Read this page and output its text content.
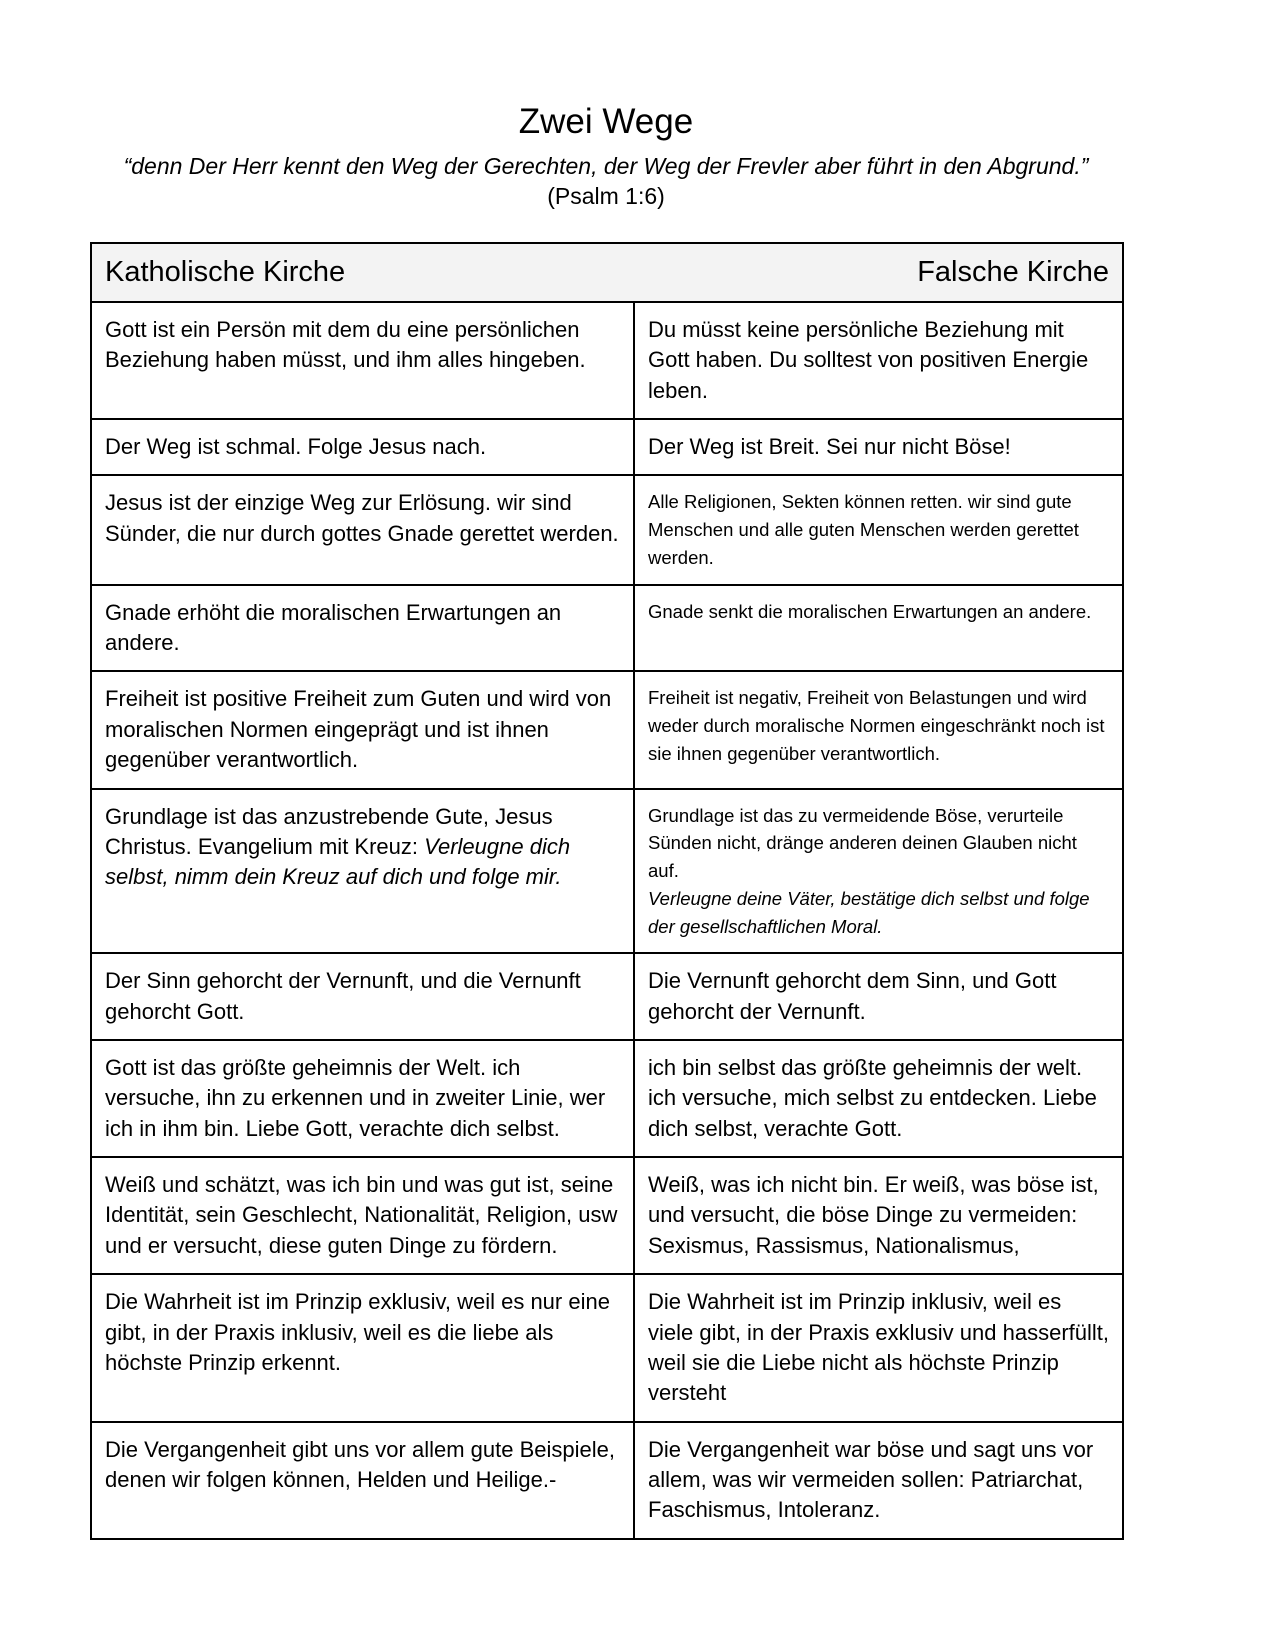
Zwei Wege

“denn Der Herr kennt den Weg der Gerechten, der Weg der Frevler aber führt in den Abgrund.”

(Psalm 1:6)

Katholische Kirche Falsche Kirche	

Gott ist ein Persön mit dem du eine persönlichen Beziehung haben müsst, und ihm alles hingeben.	Du müsst keine persönliche Beziehung mit Gott haben. Du solltest von positiven Energie leben.
Der Weg ist schmal. Folge Jesus nach.	Der Weg ist Breit. Sei nur nicht Böse!
Jesus ist der einzige Weg zur Erlösung. wir sind Sünder, die nur durch gottes Gnade gerettet werden.	Alle Religionen, Sekten können retten. wir sind gute Menschen und alle guten Menschen werden gerettet werden.
Gnade erhöht die moralischen Erwartungen an andere.	Gnade senkt die moralischen Erwartungen an andere.
Freiheit ist positive Freiheit zum Guten und wird von moralischen Normen eingeprägt und ist ihnen gegenüber verantwortlich.	Freiheit ist negativ, Freiheit von Belastungen und wird weder durch moralische Normen eingeschränkt noch ist sie ihnen gegenüber verantwortlich.
Grundlage ist das anzustrebende Gute, Jesus Christus. Evangelium mit Kreuz: Verleugne dich selbst, nimm dein Kreuz auf dich und folge mir.	Grundlage ist das zu vermeidende Böse, verurteile Sünden nicht, dränge anderen deinen Glauben nicht auf.
Verleugne deine Väter, bestätige dich selbst und folge der gesellschaftlichen Moral.

Der Sinn gehorcht der Vernunft, und die Vernunft gehorcht Gott.	Die Vernunft gehorcht dem Sinn, und Gott gehorcht der Vernunft.
Gott ist das größte geheimnis der Welt. ich versuche, ihn zu erkennen und in zweiter Linie, wer ich in ihm bin. Liebe Gott, verachte dich selbst.	ich bin selbst das größte geheimnis der welt. ich versuche, mich selbst zu entdecken. Liebe dich selbst, verachte Gott.
Weiß und schätzt, was ich bin und was gut ist, seine Identität, sein Geschlecht, Nationalität, Religion, usw und er versucht, diese guten Dinge zu fördern.	Weiß, was ich nicht bin. Er weiß, was böse ist, und versucht, die böse Dinge zu vermeiden: Sexismus, Rassismus, Nationalismus,
Die Wahrheit ist im Prinzip exklusiv, weil es nur eine gibt, in der Praxis inklusiv, weil es die liebe als höchste Prinzip erkennt.	Die Wahrheit ist im Prinzip inklusiv, weil es viele gibt, in der Praxis exklusiv und hasserfüllt, weil sie die Liebe nicht als höchste Prinzip versteht
Die Vergangenheit gibt uns vor allem gute Beispiele, denen wir folgen können, Helden und Heilige.-	Die Vergangenheit war böse und sagt uns vor allem, was wir vermeiden sollen: Patriarchat, Faschismus, Intoleranz.
